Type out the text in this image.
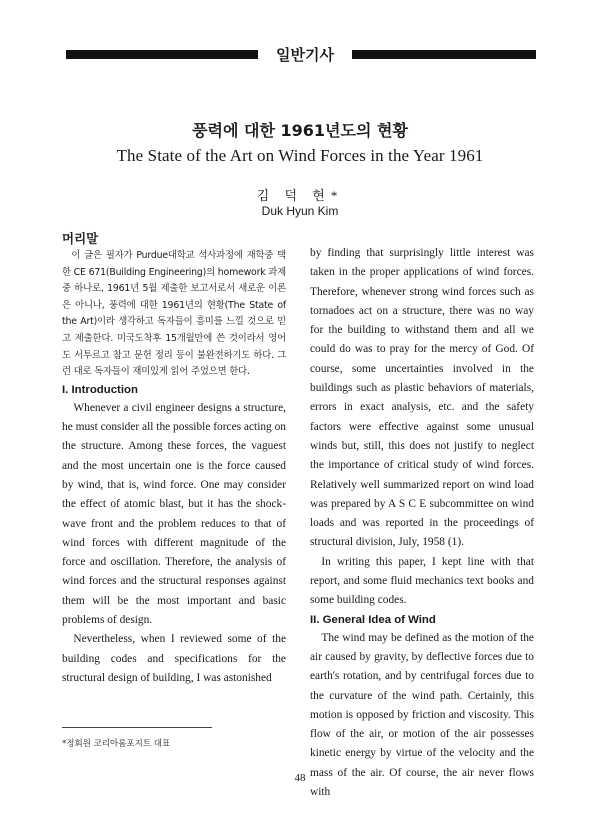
일반기사
풍력에 대한 1961년도의 현황
The State of the Art on Wind Forces in the Year 1961
김 덕 현*
Duk Hyun Kim

머리말

이 글은 필자가 Purdue대학교 석사과정에 재학중 택한 CE 671(Building Engineering)의 homework 과제중 하나로, 1961년 5월 제출한 보고서로서 새로운 이론은 아니나, 풍력에 대한 1961년의 현황(The State of the Art)이라 생각하고 독자들이 흥미를 느낄 것으로 믿고 제출한다. 미국도착후 15개월만에 쓴 것이라서 영어도 서투르고 참고 문헌 정리 등이 불완전하기도 하다. 그런 대로 독자들이 재미있게 읽어 주었으면 한다.

I. Introduction

Whenever a civil engineer designs a structure, he must consider all the possible forces acting on the structure. Among these forces, the vaguest and the most uncertain one is the force caused by wind, that is, wind force. One may consider the effect of atomic blast, but it has the shock-wave front and the problem reduces to that of wind forces with different magnitude of the force and oscillation. Therefore, the analysis of wind forces and the structural responses against them will be the most important and basic problems of design.

Nevertheless, when I reviewed some of the building codes and specifications for the structural design of building, I was astonished

by finding that surprisingly little interest was taken in the proper applications of wind forces. Therefore, whenever strong wind forces such as tornadoes act on a structure, there was no way for the building to withstand them and all we could do was to pray for the mercy of God. Of course, some uncertainties involved in the buildings such as plastic behaviors of materials, errors in exact analysis, etc. and the safety factors were effective against some unusual winds but, still, this does not justify to neglect the importance of critical study of wind forces. Relatively well summarized report on wind load was prepared by A S C E subcommittee on wind loads and was reported in the proceedings of structural division, July, 1958 (1).

In writing this paper, I kept line with that report, and some fluid mechanics text books and some building codes.

II. General Idea of Wind

The wind may be defined as the motion of the air caused by gravity, by deflective forces due to earth's rotation, and by centrifugal forces due to the curvature of the wind path. Certainly, this motion is opposed by friction and viscosity. This flow of the air, or motion of the air possesses kinetic energy by virtue of the velocity and the mass of the air. Of course, the air never flows with

*정회원 코리아롬포지트 대표
48
